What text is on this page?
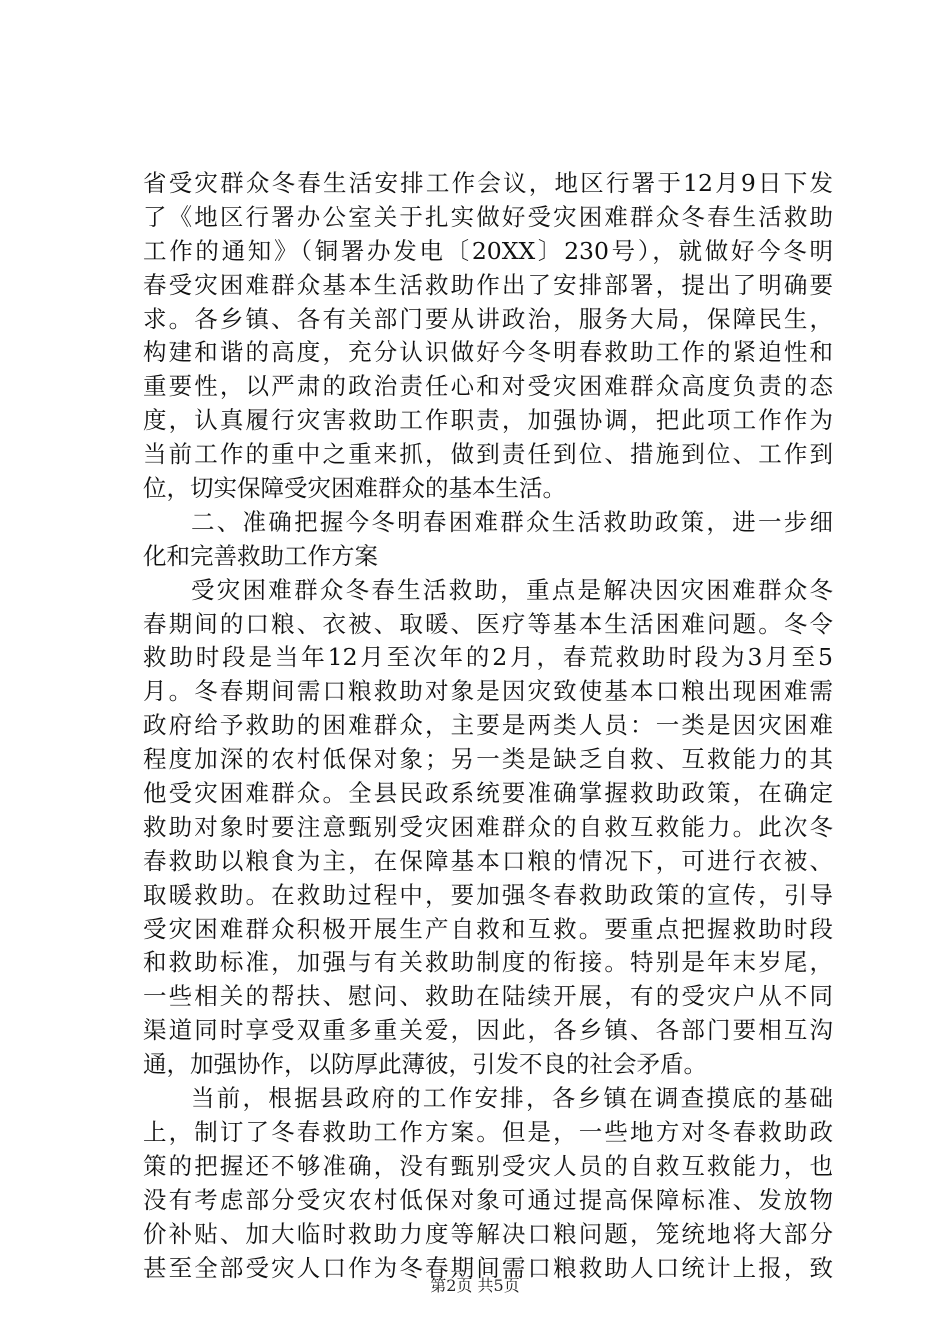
省受灾群众冬春生活安排工作会议，地区行署于12月9日下发
了《地区行署办公室关于扎实做好受灾困难群众冬春生活救助
工作的通知》（铜署办发电〔20XX〕230号），就做好今冬明
春受灾困难群众基本生活救助作出了安排部署，提出了明确要
求。各乡镇、各有关部门要从讲政治，服务大局，保障民生，
构建和谐的高度，充分认识做好今冬明春救助工作的紧迫性和
重要性，以严肃的政治责任心和对受灾困难群众高度负责的态
度，认真履行灾害救助工作职责，加强协调，把此项工作作为
当前工作的重中之重来抓，做到责任到位、措施到位、工作到
位，切实保障受灾困难群众的基本生活。
二、准确把握今冬明春困难群众生活救助政策，进一步细
化和完善救助工作方案
受灾困难群众冬春生活救助，重点是解决因灾困难群众冬
春期间的口粮、衣被、取暖、医疗等基本生活困难问题。冬令
救助时段是当年12月至次年的2月，春荒救助时段为3月至5
月。冬春期间需口粮救助对象是因灾致使基本口粮出现困难需
政府给予救助的困难群众，主要是两类人员：一类是因灾困难
程度加深的农村低保对象；另一类是缺乏自救、互救能力的其
他受灾困难群众。全县民政系统要准确掌握救助政策，在确定
救助对象时要注意甄别受灾困难群众的自救互救能力。此次冬
春救助以粮食为主，在保障基本口粮的情况下，可进行衣被、
取暖救助。在救助过程中，要加强冬春救助政策的宣传，引导
受灾困难群众积极开展生产自救和互救。要重点把握救助时段
和救助标准，加强与有关救助制度的衔接。特别是年末岁尾，
一些相关的帮扶、慰问、救助在陆续开展，有的受灾户从不同
渠道同时享受双重多重关爱，因此，各乡镇、各部门要相互沟
通，加强协作，以防厚此薄彼，引发不良的社会矛盾。
当前，根据县政府的工作安排，各乡镇在调查摸底的基础
上，制订了冬春救助工作方案。但是，一些地方对冬春救助政
策的把握还不够准确，没有甄别受灾人员的自救互救能力，也
没有考虑部分受灾农村低保对象可通过提高保障标准、发放物
价补贴、加大临时救助力度等解决口粮问题，笼统地将大部分
甚至全部受灾人口作为冬春期间需口粮救助人口统计上报，致
第2页 共5页
